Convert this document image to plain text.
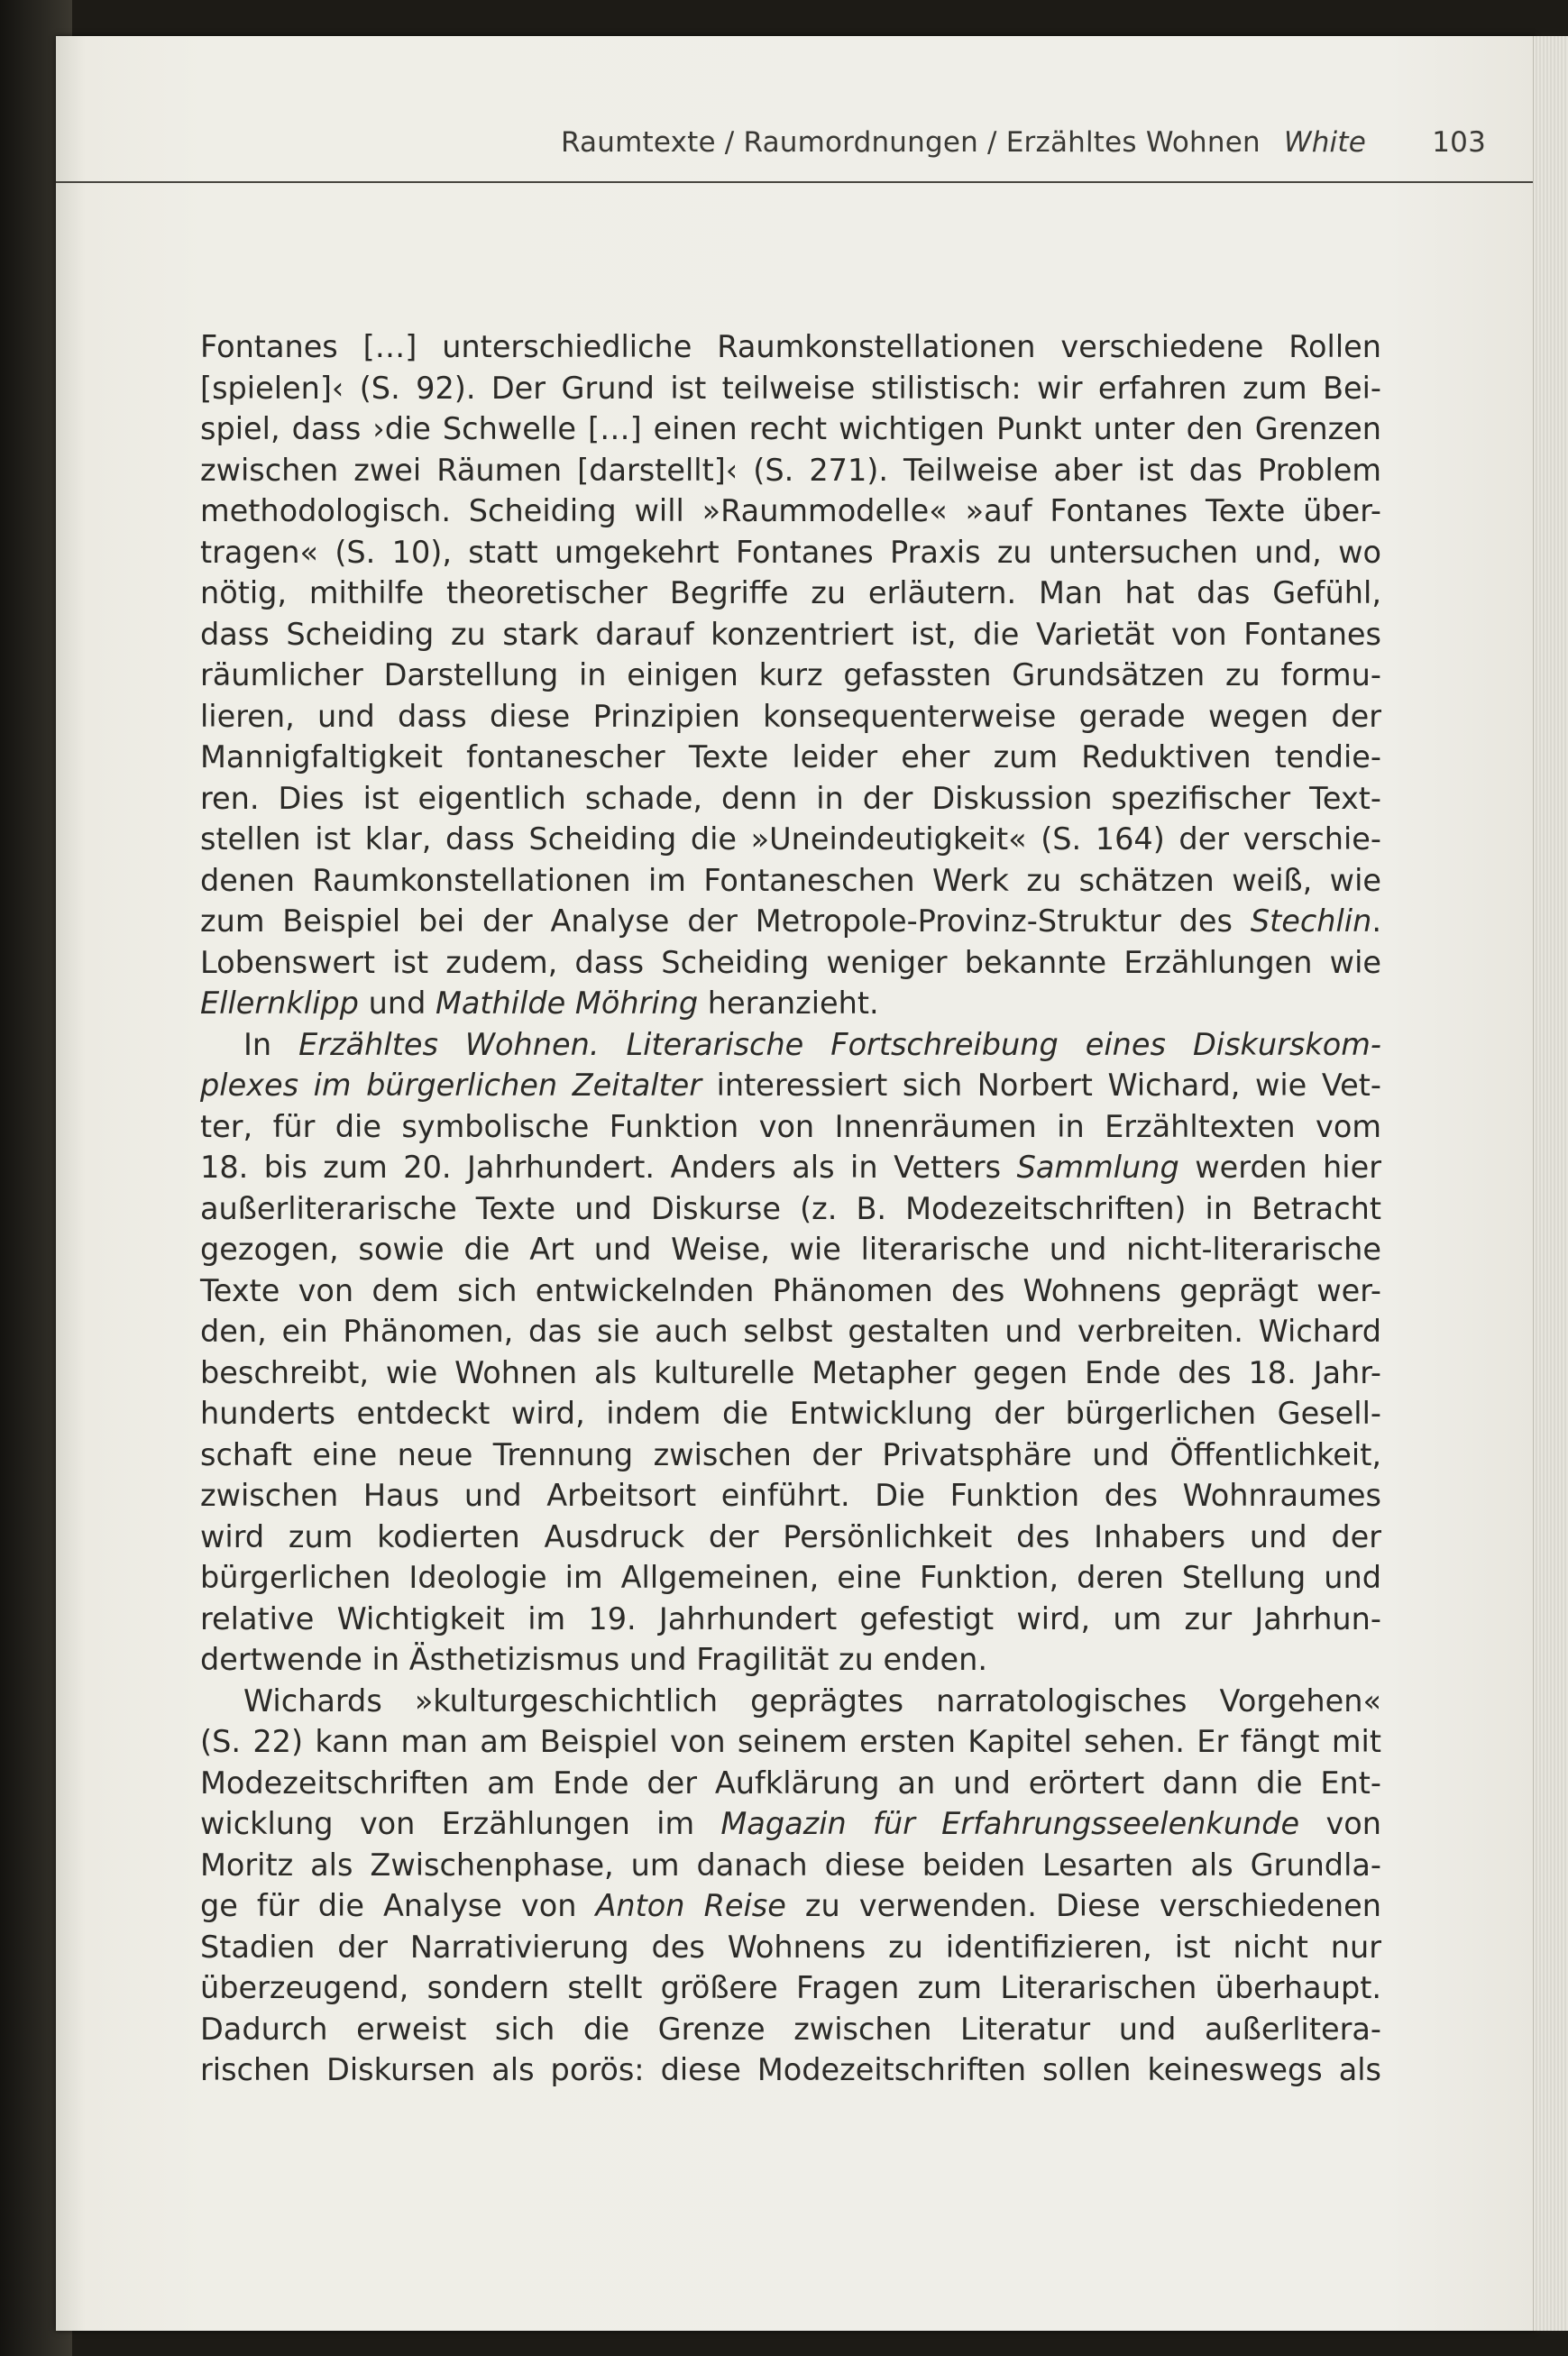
Raumtexte / Raumordnungen / Erzähltes Wohnen White 103
Fontanes […] unterschiedliche Raumkonstellationen verschiedene Rollen
[spielen]‹ (S. 92). Der Grund ist teilweise stilistisch: wir erfahren zum Bei-
spiel, dass ›die Schwelle […] einen recht wichtigen Punkt unter den Grenzen
zwischen zwei Räumen [darstellt]‹ (S. 271). Teilweise aber ist das Problem
methodologisch. Scheiding will »Raummodelle« »auf Fontanes Texte über-
tragen« (S. 10), statt umgekehrt Fontanes Praxis zu untersuchen und, wo
nötig, mithilfe theoretischer Begriffe zu erläutern. Man hat das Gefühl,
dass Scheiding zu stark darauf konzentriert ist, die Varietät von Fontanes
räumlicher Darstellung in einigen kurz gefassten Grundsätzen zu formu-
lieren, und dass diese Prinzipien konsequenterweise gerade wegen der
Mannigfaltigkeit fontanescher Texte leider eher zum Reduktiven tendie-
ren. Dies ist eigentlich schade, denn in der Diskussion spezifischer Text-
stellen ist klar, dass Scheiding die »Uneindeutigkeit« (S. 164) der verschie-
denen Raumkonstellationen im Fontaneschen Werk zu schätzen weiß, wie
zum Beispiel bei der Analyse der Metropole-Provinz-Struktur des Stechlin.
Lobenswert ist zudem, dass Scheiding weniger bekannte Erzählungen wie
Ellernklipp und Mathilde Möhring heranzieht.
In Erzähltes Wohnen. Literarische Fortschreibung eines Diskurskom-
plexes im bürgerlichen Zeitalter interessiert sich Norbert Wichard, wie Vet-
ter, für die symbolische Funktion von Innenräumen in Erzähltexten vom
18. bis zum 20. Jahrhundert. Anders als in Vetters Sammlung werden hier
außerliterarische Texte und Diskurse (z. B. Modezeitschriften) in Betracht
gezogen, sowie die Art und Weise, wie literarische und nicht-literarische
Texte von dem sich entwickelnden Phänomen des Wohnens geprägt wer-
den, ein Phänomen, das sie auch selbst gestalten und verbreiten. Wichard
beschreibt, wie Wohnen als kulturelle Metapher gegen Ende des 18. Jahr-
hunderts entdeckt wird, indem die Entwicklung der bürgerlichen Gesell-
schaft eine neue Trennung zwischen der Privatsphäre und Öffentlichkeit,
zwischen Haus und Arbeitsort einführt. Die Funktion des Wohnraumes
wird zum kodierten Ausdruck der Persönlichkeit des Inhabers und der
bürgerlichen Ideologie im Allgemeinen, eine Funktion, deren Stellung und
relative Wichtigkeit im 19. Jahrhundert gefestigt wird, um zur Jahrhun-
dertwende in Ästhetizismus und Fragilität zu enden.
Wichards »kulturgeschichtlich geprägtes narratologisches Vorgehen«
(S. 22) kann man am Beispiel von seinem ersten Kapitel sehen. Er fängt mit
Modezeitschriften am Ende der Aufklärung an und erörtert dann die Ent-
wicklung von Erzählungen im Magazin für Erfahrungsseelenkunde von
Moritz als Zwischenphase, um danach diese beiden Lesarten als Grundla-
ge für die Analyse von Anton Reise zu verwenden. Diese verschiedenen
Stadien der Narrativierung des Wohnens zu identifizieren, ist nicht nur
überzeugend, sondern stellt größere Fragen zum Literarischen überhaupt.
Dadurch erweist sich die Grenze zwischen Literatur und außerlitera-
rischen Diskursen als porös: diese Modezeitschriften sollen keineswegs als
